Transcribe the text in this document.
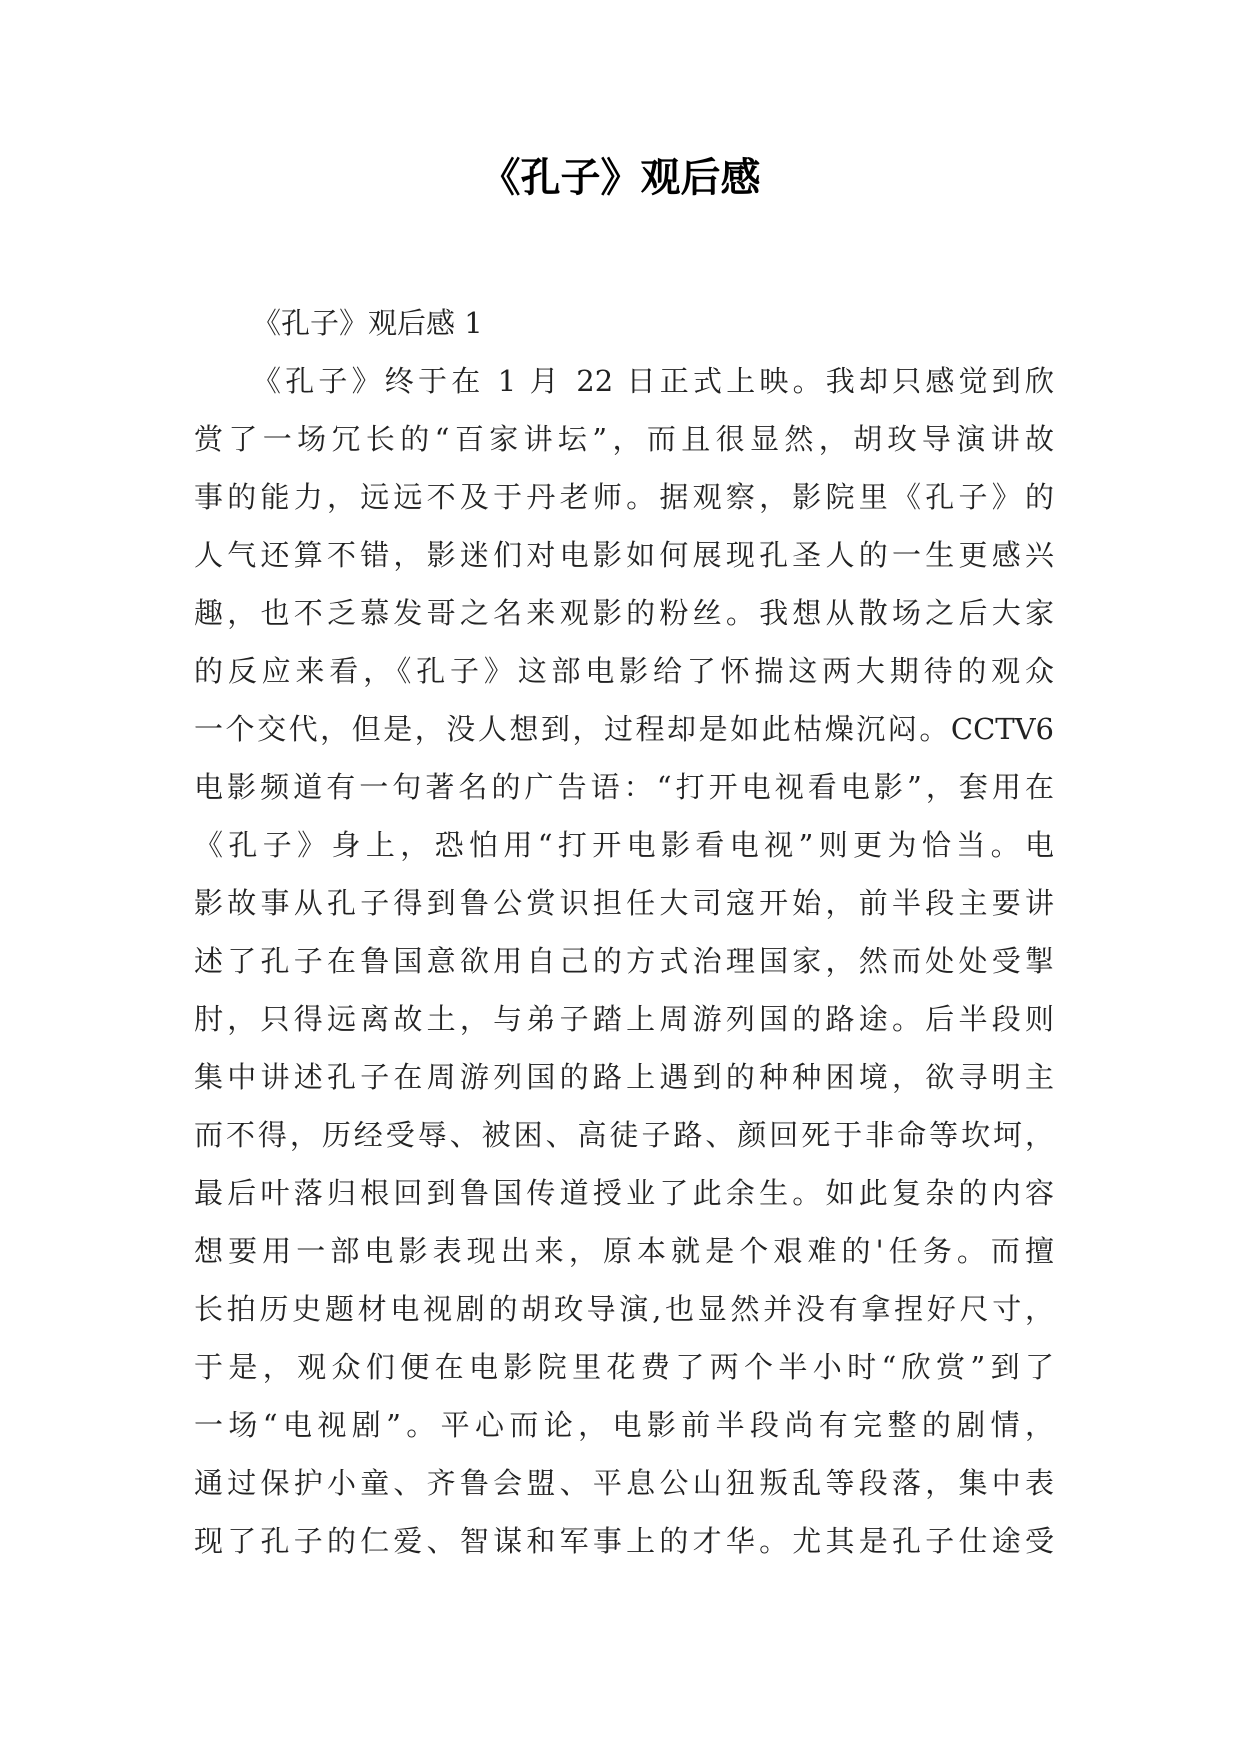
《孔子》观后感
《孔子》观后感 1
《孔子》终于在 1 月 22 日正式上映。我却只感觉到欣
赏了一场冗长的“百家讲坛”，而且很显然，胡玫导演讲故
事的能力，远远不及于丹老师。据观察，影院里《孔子》的
人气还算不错，影迷们对电影如何展现孔圣人的一生更感兴
趣，也不乏慕发哥之名来观影的粉丝。我想从散场之后大家
的反应来看，《孔子》这部电影给了怀揣这两大期待的观众
一个交代，但是，没人想到，过程却是如此枯燥沉闷。CCTV6
电影频道有一句著名的广告语：“打开电视看电影”，套用在
《孔子》身上，恐怕用“打开电影看电视”则更为恰当。电
影故事从孔子得到鲁公赏识担任大司寇开始，前半段主要讲
述了孔子在鲁国意欲用自己的方式治理国家，然而处处受掣
肘，只得远离故土，与弟子踏上周游列国的路途。后半段则
集中讲述孔子在周游列国的路上遇到的种种困境，欲寻明主
而不得，历经受辱、被困、高徒子路、颜回死于非命等坎坷，
最后叶落归根回到鲁国传道授业了此余生。如此复杂的内容
想要用一部电影表现出来，原本就是个艰难的'任务。而擅
长拍历史题材电视剧的胡玫导演,也显然并没有拿捏好尺寸，
于是，观众们便在电影院里花费了两个半小时“欣赏”到了
一场“电视剧”。平心而论，电影前半段尚有完整的剧情，
通过保护小童、齐鲁会盟、平息公山狃叛乱等段落，集中表
现了孔子的仁爱、智谋和军事上的才华。尤其是孔子仕途受
